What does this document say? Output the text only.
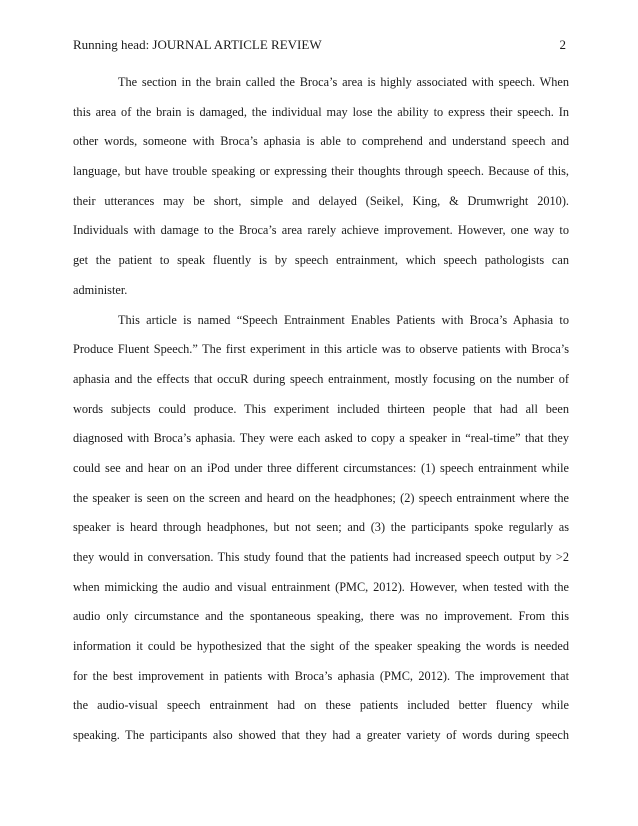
Running head: JOURNAL ARTICLE REVIEW	2
The section in the brain called the Broca’s area is highly associated with speech. When
this area of the brain is damaged, the individual may lose the ability to express their speech. In
other words, someone with Broca’s aphasia is able to comprehend and understand speech and
language, but have trouble speaking or expressing their thoughts through speech. Because of this,
their utterances may be short, simple and delayed (Seikel, King, & Drumwright 2010).
Individuals with damage to the Broca’s area rarely achieve improvement. However, one way to
get the patient to speak fluently is by speech entrainment, which speech pathologists can
administer.
This article is named “Speech Entrainment Enables Patients with Broca’s Aphasia to
Produce Fluent Speech.” The first experiment in this article was to observe patients with Broca’s
aphasia and the effects that occuR during speech entrainment, mostly focusing on the number of
words subjects could produce. This experiment included thirteen people that had all been
diagnosed with Broca’s aphasia. They were each asked to copy a speaker in “real-time” that they
could see and hear on an iPod under three different circumstances: (1) speech entrainment while
the speaker is seen on the screen and heard on the headphones; (2) speech entrainment where the
speaker is heard through headphones, but not seen; and (3) the participants spoke regularly as
they would in conversation. This study found that the patients had increased speech output by >2
when mimicking the audio and visual entrainment (PMC, 2012). However, when tested with the
audio only circumstance and the spontaneous speaking, there was no improvement. From this
information it could be hypothesized that the sight of the speaker speaking the words is needed
for the best improvement in patients with Broca’s aphasia (PMC, 2012). The improvement that
the audio-visual speech entrainment had on these patients included better fluency while
speaking. The participants also showed that they had a greater variety of words during speech
